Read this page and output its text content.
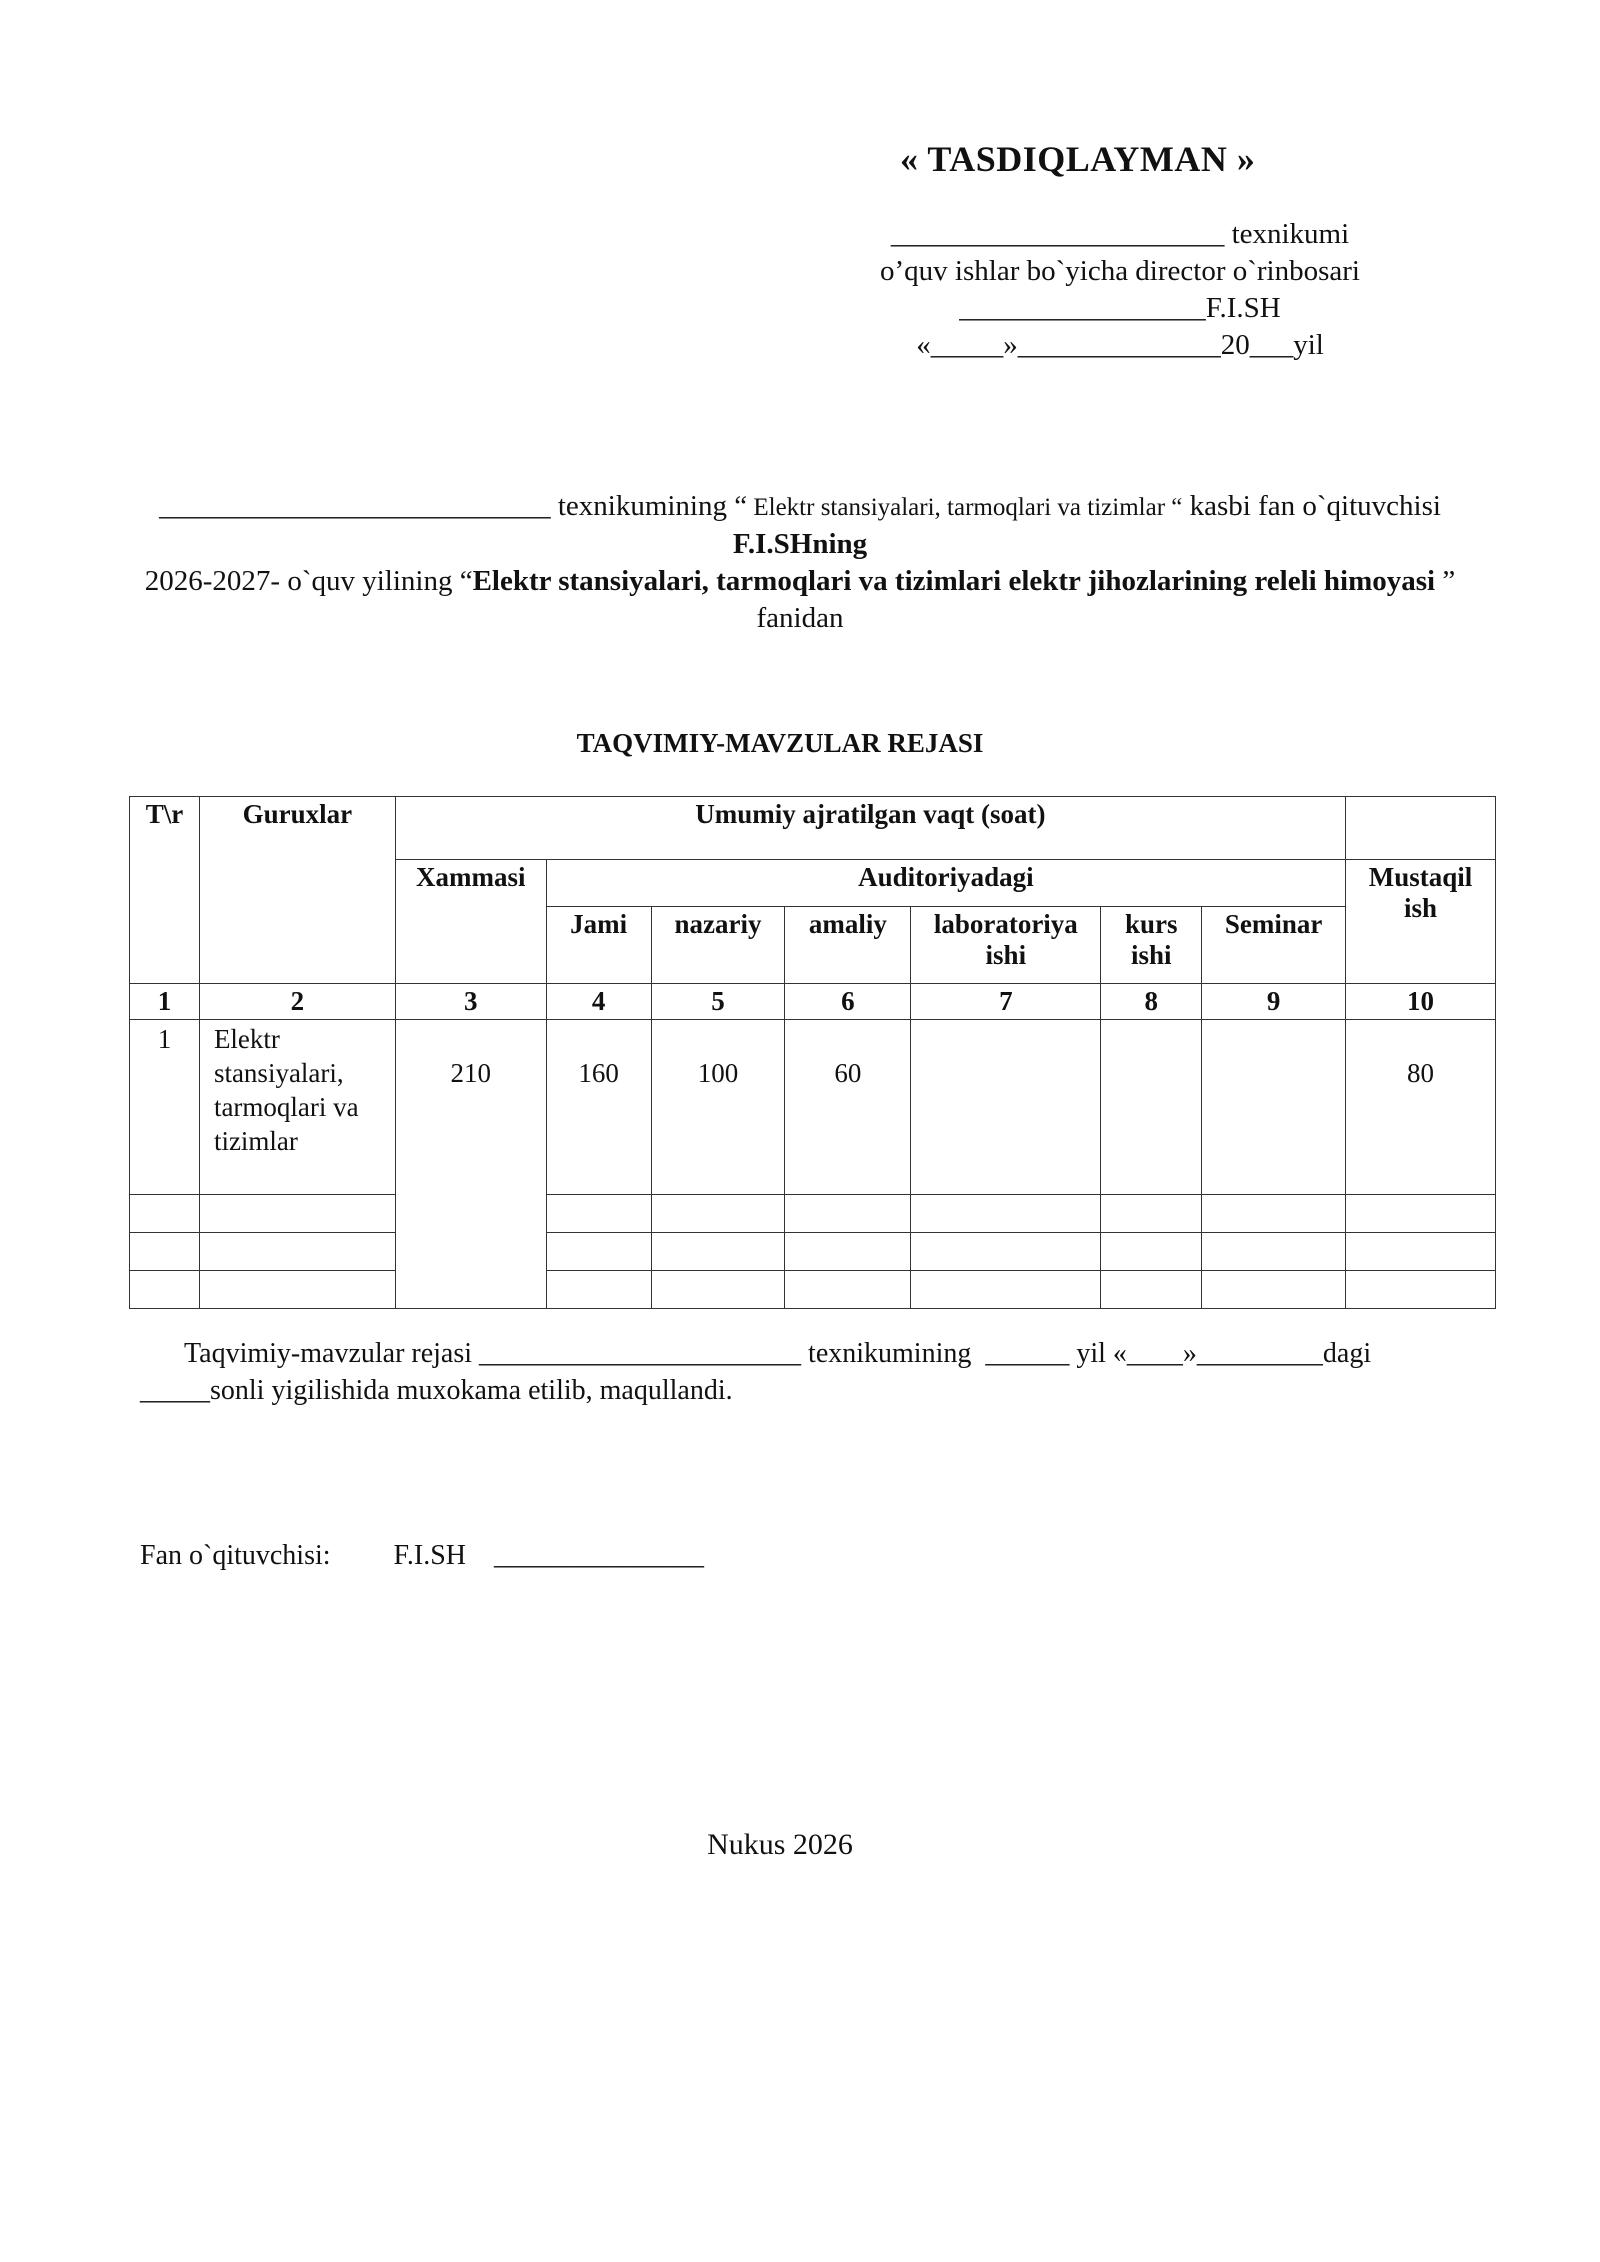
« TASDIQLAYMAN »
_______________________ texnikumi
o’quv ishlar bo`yicha director o`rinbosari
_________________F.I.SH
«_____»______________20___yil
___________________________ texnikumining “ Elektr stansiyalari, tarmoqlari va tizimlar “ kasbi fan o`qituvchisi F.I.SHning
2026-2027- o`quv yilining “Elektr stansiyalari, tarmoqlari va tizimlari elektr jihozlarining releli himoyasi ” fanidan
TAQVIMIY-MAVZULAR REJASI
T\r	Guruxlar	Umumiy ajratilgan vaqt (soat)							
		Xammasi	Auditoriyadagi						Mustaqil ish
			Jami	nazariy	amaliy	laboratoriya ishi	kurs ishi	Seminar	
1	2	3	4	5	6	7	8	9	10
1	Elektr stansiyalari, tarmoqlari va tizimlar	210	160	100	60				80

Taqvimiy-mavzular rejasi _______________________ texnikumining  ______ yil «____»_________dagi
_____sonli yigilishida muxokama etilib, maqullandi.
Fan o`qituvchisi: F.I.SH _______________
Nukus 2026
